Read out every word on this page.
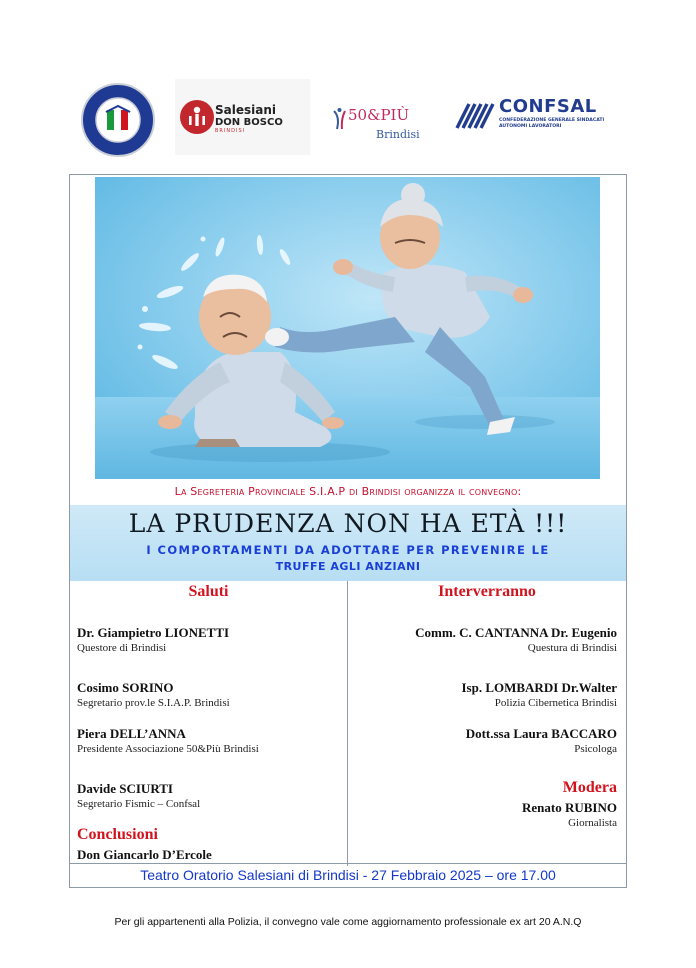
Salesiani
DON BOSCO
BRINDISI
50&PIÙ
Brindisi
CONFSAL
CONFEDERAZIONE GENERALE SINDACATI AUTONOMI LAVORATORI
La Segreteria Provinciale S.I.A.P di Brindisi organizza il convegno:
LA PRUDENZA NON HA ETÀ !!!
I COMPORTAMENTI DA ADOTTARE PER PREVENIRE LE
TRUFFE AGLI ANZIANI
Saluti	Interverranno
Dr. Giampietro LIONETTI
Questore di Brindisi
Cosimo SORINO
Segretario prov.le S.I.A.P. Brindisi
Piera DELL’ANNA
Presidente Associazione 50&Più Brindisi
Davide SCIURTI
Segretario Fismic – Confsal
Conclusioni
Don Giancarlo D’Ercole
Comm. C. CANTANNA Dr. Eugenio
Questura di Brindisi
Isp. LOMBARDI Dr.Walter
Polizia Cibernetica Brindisi
Dott.ssa Laura BACCARO
Psicologa
Modera
Renato RUBINO
Giornalista
Teatro Oratorio Salesiani di Brindisi - 27 Febbraio 2025 – ore 17.00
Per gli appartenenti alla Polizia, il convegno vale come aggiornamento professionale ex art 20 A.N.Q
